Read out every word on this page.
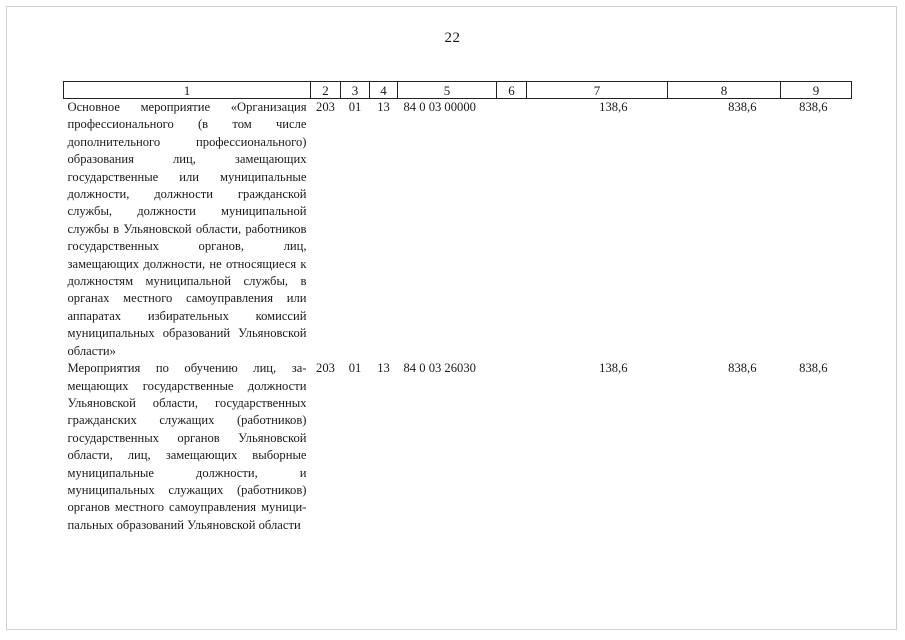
22
1	2	3	4	5	6	7	8	9
Основное мероприятие «Организация профессионального (в том числе дополнительного профессионального) образования лиц, замещающих государственные или муниципальные должности, должности гражданской службы, должности муниципальной службы в Ульяновской области, работников государственных органов, лиц, замещающих должности, не относящиеся к должностям муниципальной службы, в органах местного самоуправления или аппаратах избирательных комиссий муниципальных образований Ульяновской области»	203	01	13	84 0 03 00000		138,6	838,6	838,6
Мероприятия по обучению лиц, замещающих государственные должности Ульяновской области, государственных гражданских служащих (работников) государственных органов Ульяновской области, лиц, замещающих выборные муниципальные должности, и муниципальных служащих (работников) органов местного самоуправления муниципальных образований Ульяновской области	203	01	13	84 0 03 26030		138,6	838,6	838,6
